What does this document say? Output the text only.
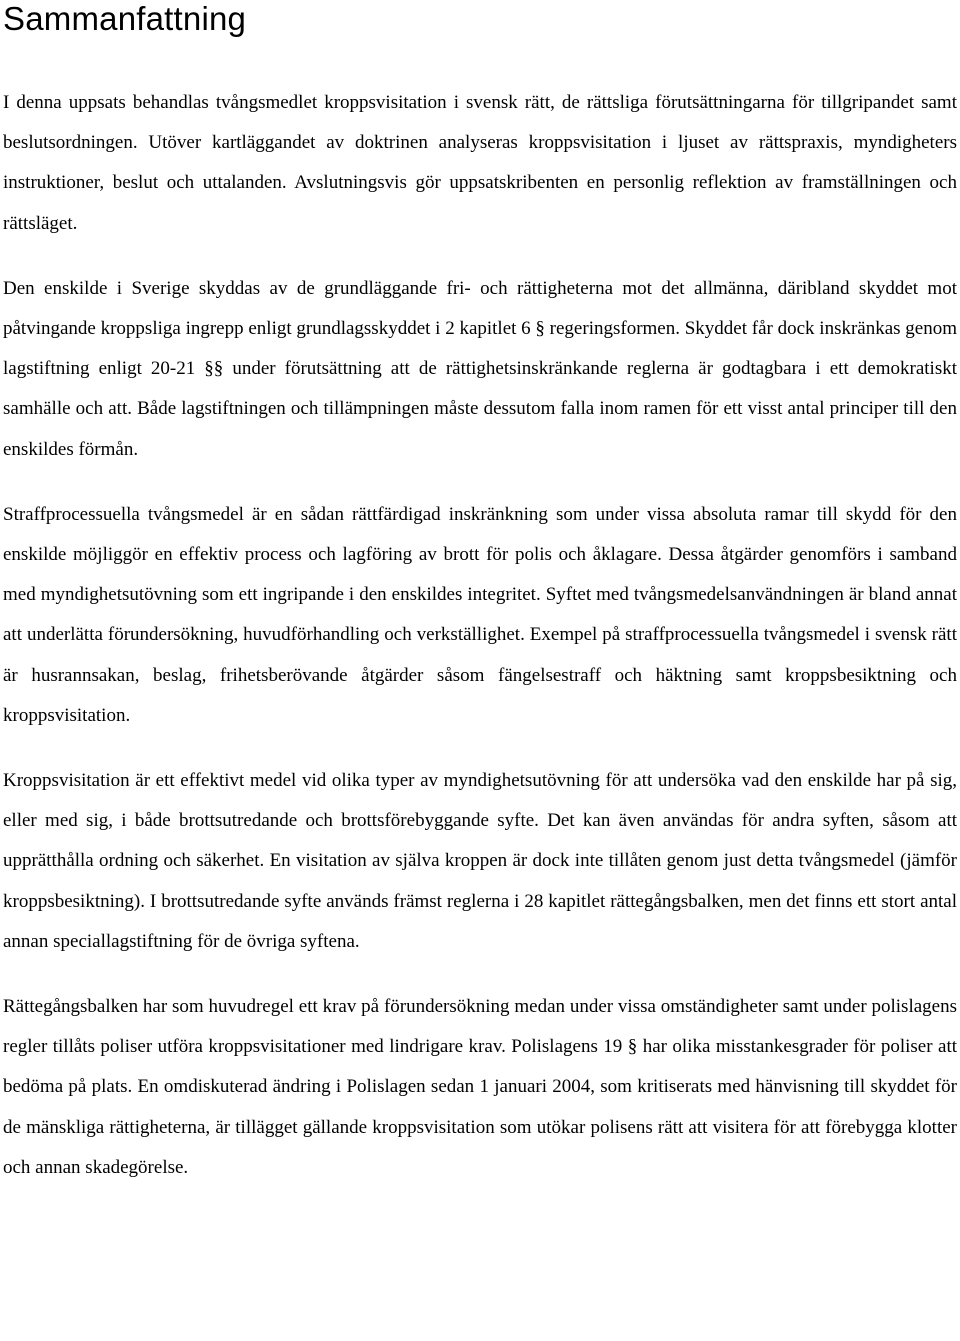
Sammanfattning

I denna uppsats behandlas tvångsmedlet kroppsvisitation i svensk rätt, de rättsliga förutsättningarna för tillgripandet samt beslutsordningen. Utöver kartläggandet av doktrinen analyseras kroppsvisitation i ljuset av rättspraxis, myndigheters instruktioner, beslut och uttalanden. Avslutningsvis gör uppsatskribenten en personlig reflektion av framställningen och rättsläget.

Den enskilde i Sverige skyddas av de grundläggande fri- och rättigheterna mot det allmänna, däribland skyddet mot påtvingande kroppsliga ingrepp enligt grundlagsskyddet i 2 kapitlet 6 § regeringsformen. Skyddet får dock inskränkas genom lagstiftning enligt 20-21 §§ under förutsättning att de rättighetsinskränkande reglerna är godtagbara i ett demokratiskt samhälle och att. Både lagstiftningen och tillämpningen måste dessutom falla inom ramen för ett visst antal principer till den enskildes förmån.

Straffprocessuella tvångsmedel är en sådan rättfärdigad inskränkning som under vissa absoluta ramar till skydd för den enskilde möjliggör en effektiv process och lagföring av brott för polis och åklagare. Dessa åtgärder genomförs i samband med myndighetsutövning som ett ingripande i den enskildes integritet. Syftet med tvångsmedelsanvändningen är bland annat att underlätta förundersökning, huvudförhandling och verkställighet. Exempel på straffprocessuella tvångsmedel i svensk rätt är husrannsakan, beslag, frihetsberövande åtgärder såsom fängelsestraff och häktning samt kroppsbesiktning och kroppsvisitation.

Kroppsvisitation är ett effektivt medel vid olika typer av myndighetsutövning för att undersöka vad den enskilde har på sig, eller med sig, i både brottsutredande och brottsförebyggande syfte. Det kan även användas för andra syften, såsom att upprätthålla ordning och säkerhet. En visitation av själva kroppen är dock inte tillåten genom just detta tvångsmedel (jämför kroppsbesiktning). I brottsutredande syfte används främst reglerna i 28 kapitlet rättegångsbalken, men det finns ett stort antal annan speciallagstiftning för de övriga syftena.

Rättegångsbalken har som huvudregel ett krav på förundersökning medan under vissa omständigheter samt under polislagens regler tillåts poliser utföra kroppsvisitationer med lindrigare krav. Polislagens 19 § har olika misstankesgrader för poliser att bedöma på plats. En omdiskuterad ändring i Polislagen sedan 1 januari 2004, som kritiserats med hänvisning till skyddet för de mänskliga rättigheterna, är tillägget gällande kroppsvisitation som utökar polisens rätt att visitera för att förebygga klotter och annan skadegörelse.
